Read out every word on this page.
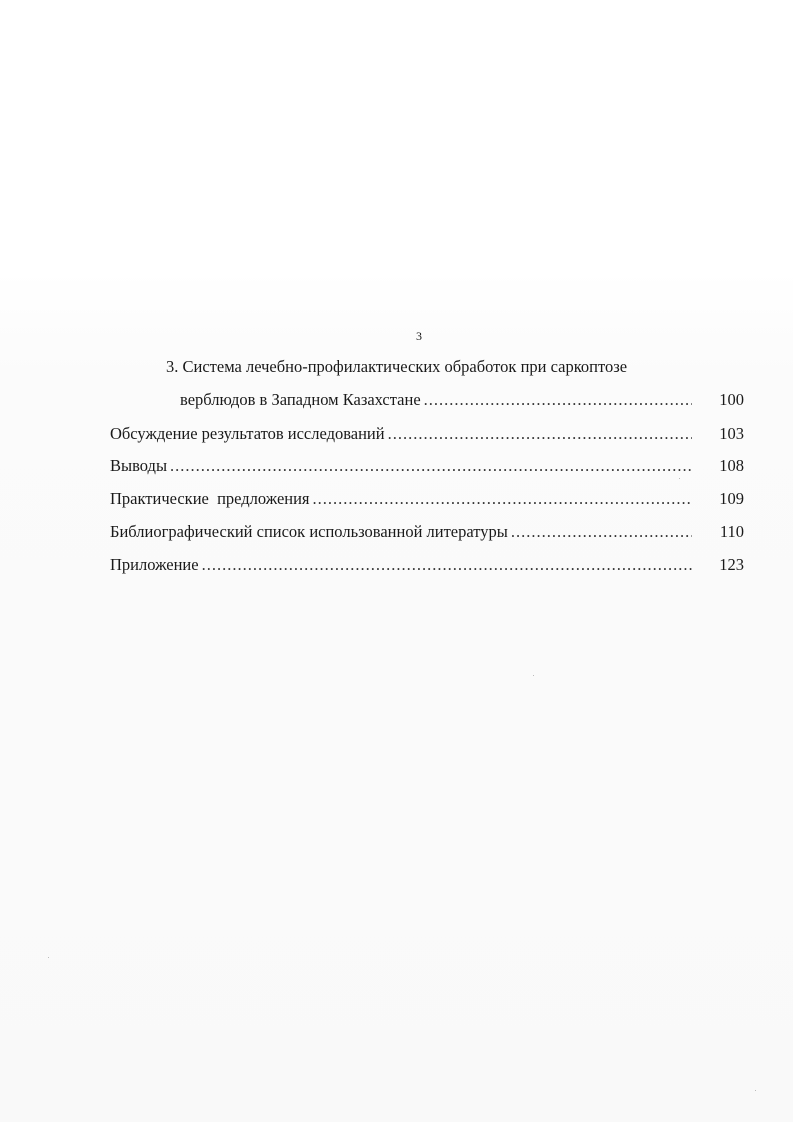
3
3. Система лечебно-профилактических обработок при саркоптозе
верблюдов в Западном Казахстане .....	100
Обсуждение результатов исследований .....	103
Выводы .....	108
Практические  предложения .....	109
Библиографический список использованной литературы .....	110
Приложение .....	123
